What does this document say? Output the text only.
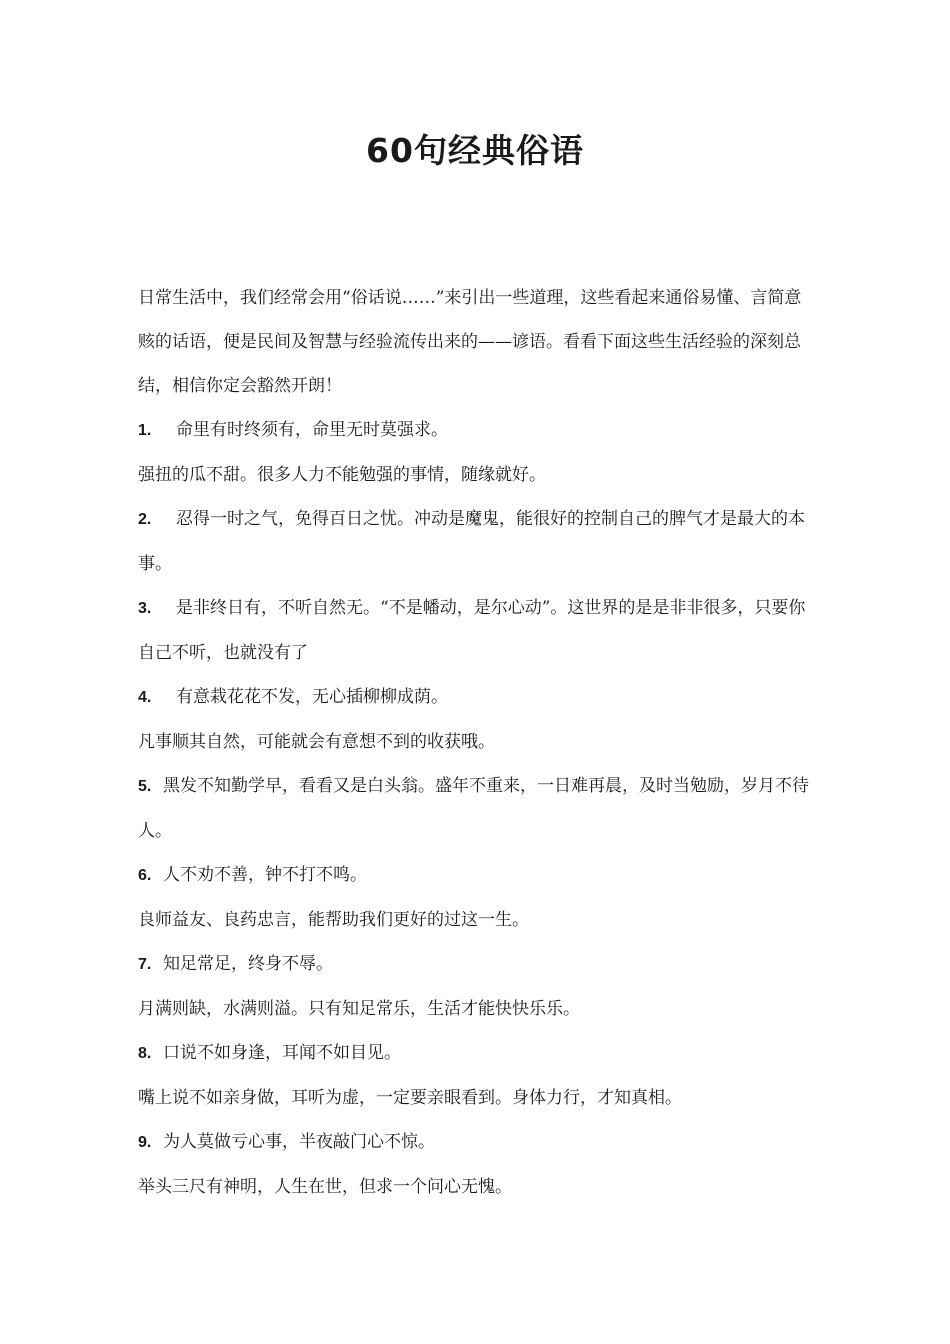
60句经典俗语

日常生活中，我们经常会用“俗话说……”来引出一些道理，这些看起来通俗易懂、言简意赅的话语，便是民间及智慧与经验流传出来的——谚语。看看下面这些生活经验的深刻总结，相信你定会豁然开朗！

1. 命里有时终须有，命里无时莫强求。

强扭的瓜不甜。很多人力不能勉强的事情，随缘就好。

2. 忍得一时之气，免得百日之忧。冲动是魔鬼，能很好的控制自己的脾气才是最大的本事。

3. 是非终日有，不听自然无。“不是幡动，是尔心动”。这世界的是是非非很多，只要你自己不听，也就没有了

4. 有意栽花花不发，无心插柳柳成荫。

凡事顺其自然，可能就会有意想不到的收获哦。

5. 黑发不知勤学早，看看又是白头翁。盛年不重来，一日难再晨，及时当勉励，岁月不待人。

6. 人不劝不善，钟不打不鸣。

良师益友、良药忠言，能帮助我们更好的过这一生。

7. 知足常足，终身不辱。

月满则缺，水满则溢。只有知足常乐，生活才能快快乐乐。

8. 口说不如身逢，耳闻不如目见。

嘴上说不如亲身做，耳听为虚，一定要亲眼看到。身体力行，才知真相。

9. 为人莫做亏心事，半夜敲门心不惊。

举头三尺有神明，人生在世，但求一个问心无愧。
